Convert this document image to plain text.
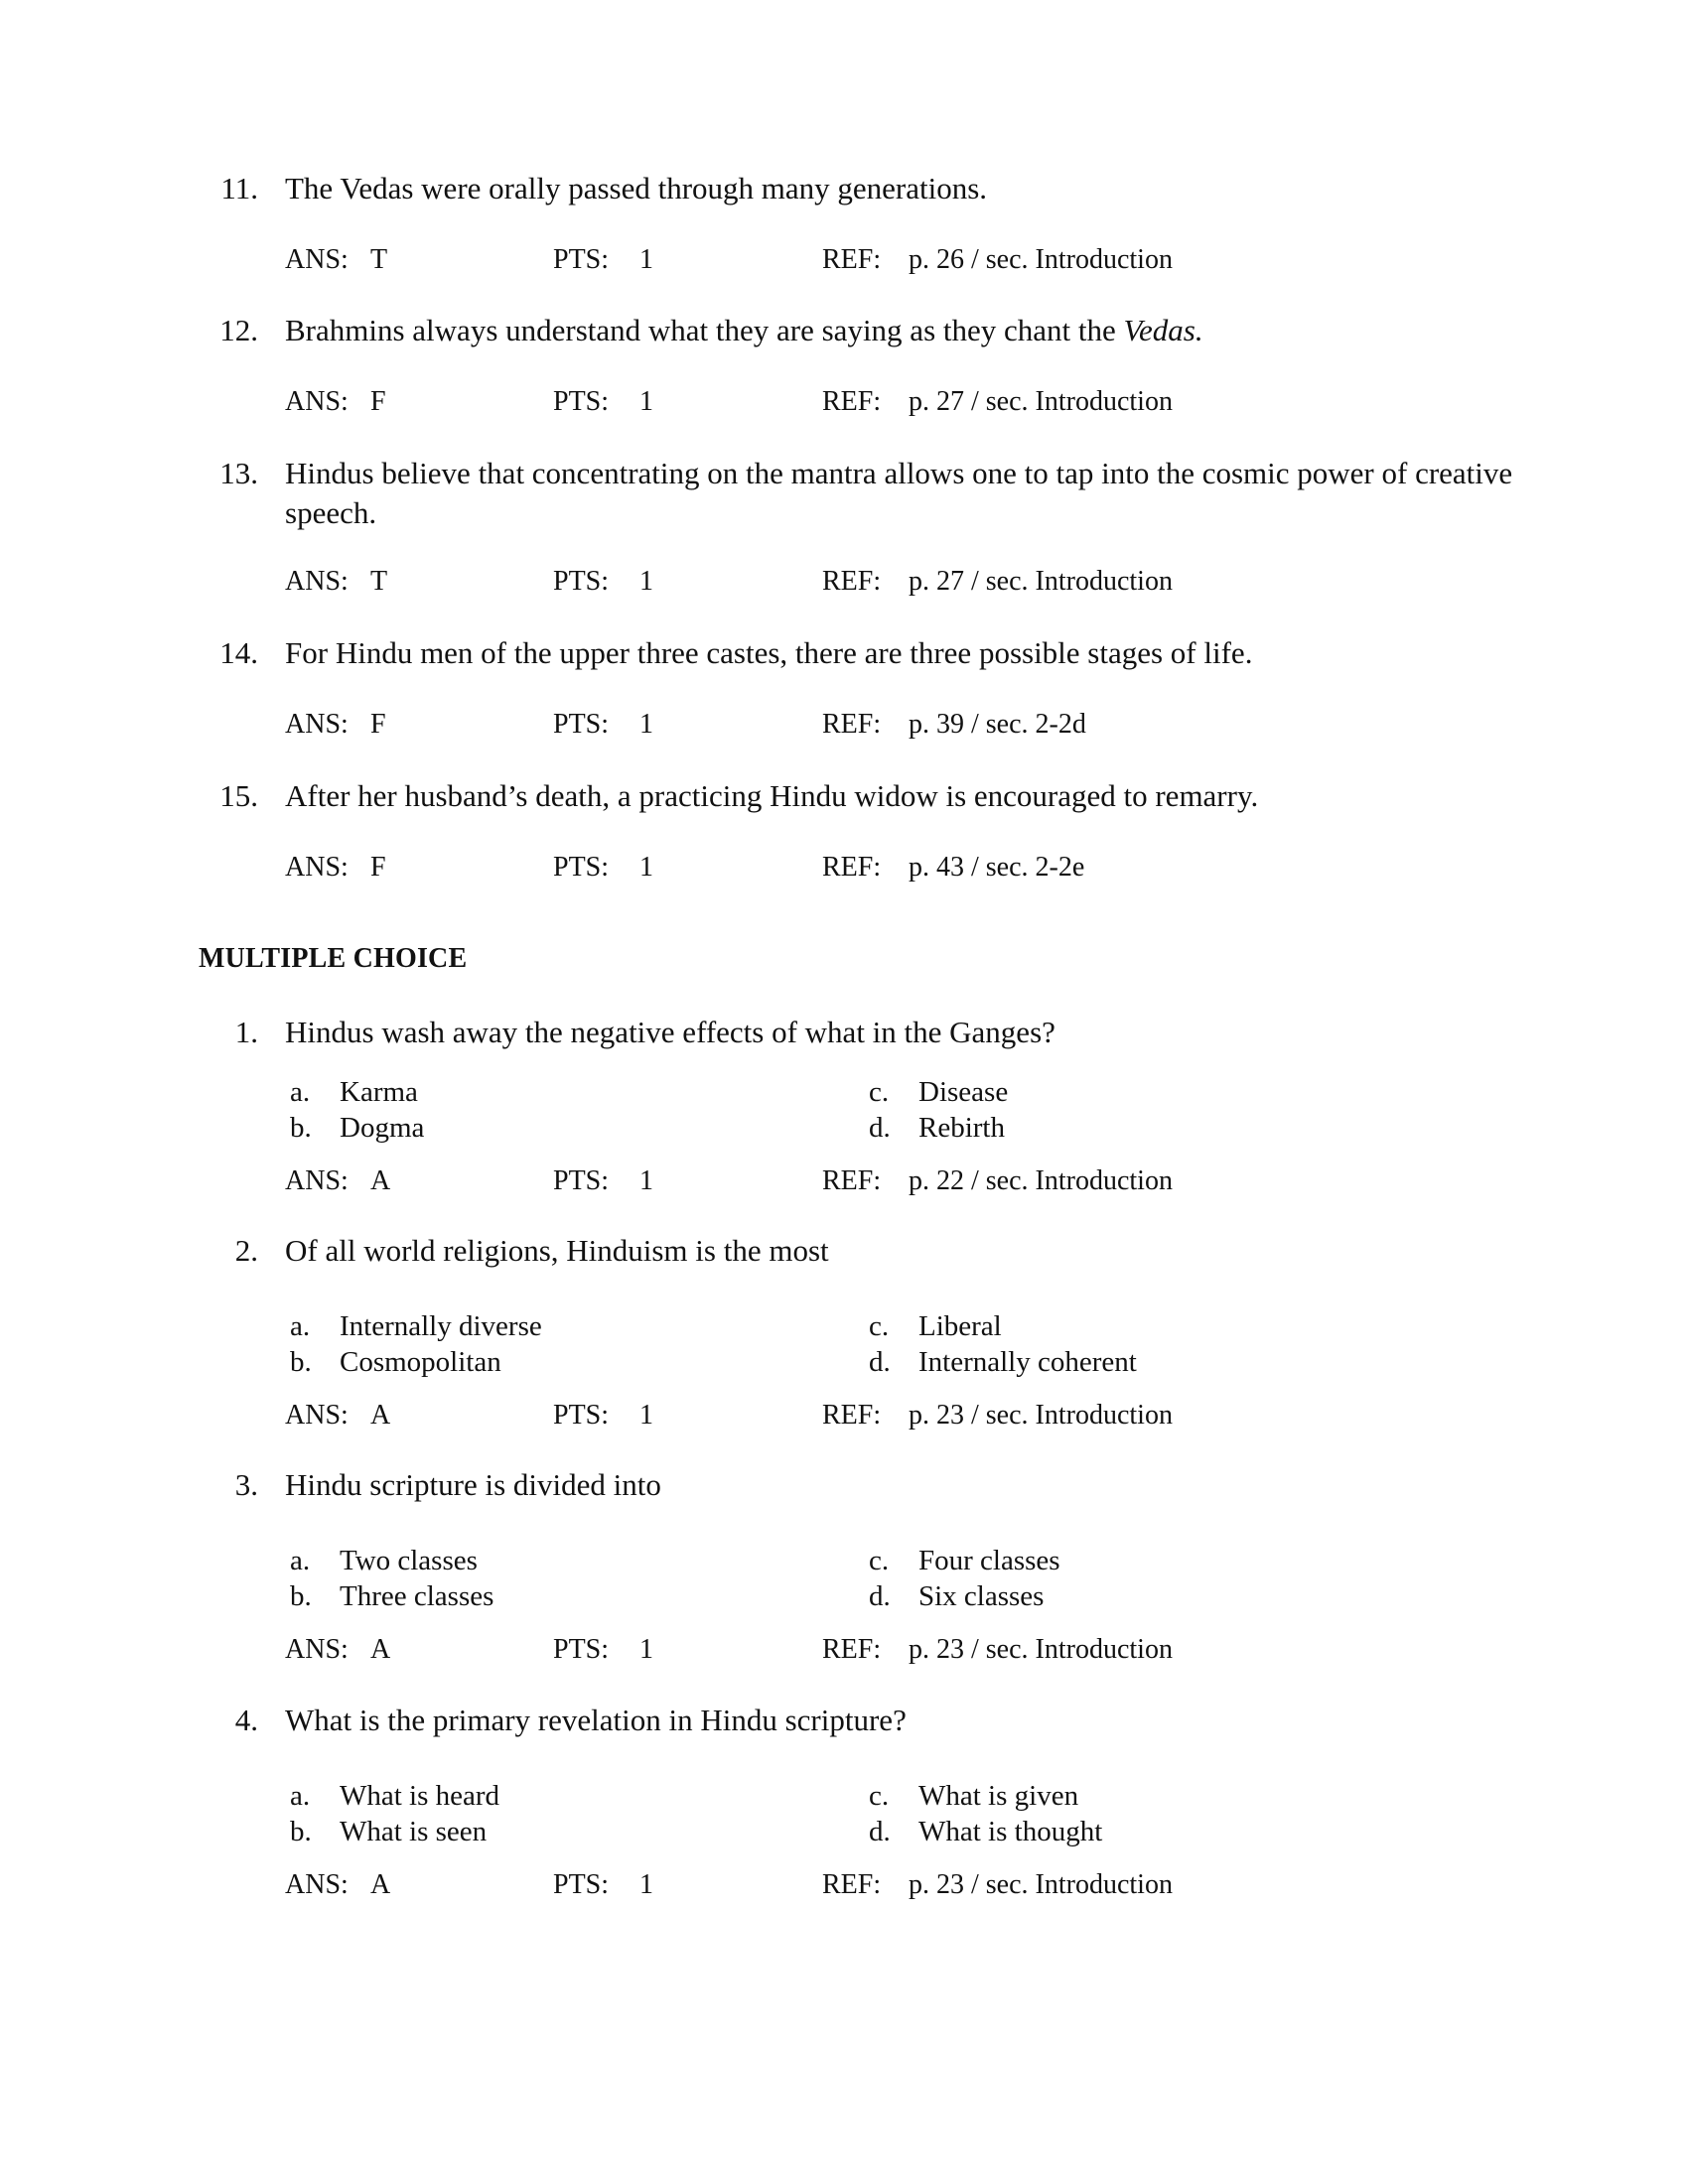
11. The Vedas were orally passed through many generations.
ANS: T	PTS: 1	REF: p. 26 / sec. Introduction
12. Brahmins always understand what they are saying as they chant the Vedas.
ANS: F	PTS: 1	REF: p. 27 / sec. Introduction
13. Hindus believe that concentrating on the mantra allows one to tap into the cosmic power of creative speech.
ANS: T	PTS: 1	REF: p. 27 / sec. Introduction
14. For Hindu men of the upper three castes, there are three possible stages of life.
ANS: F	PTS: 1	REF: p. 39 / sec. 2-2d
15. After her husband’s death, a practicing Hindu widow is encouraged to remarry.
ANS: F	PTS: 1	REF: p. 43 / sec. 2-2e
MULTIPLE CHOICE
1. Hindus wash away the negative effects of what in the Ganges?
a. Karma
b. Dogma
c. Disease
d. Rebirth
ANS: A	PTS: 1	REF: p. 22 / sec. Introduction
2. Of all world religions, Hinduism is the most
a. Internally diverse
b. Cosmopolitan
c. Liberal
d. Internally coherent
ANS: A	PTS: 1	REF: p. 23 / sec. Introduction
3. Hindu scripture is divided into
a. Two classes
b. Three classes
c. Four classes
d. Six classes
ANS: A	PTS: 1	REF: p. 23 / sec. Introduction
4. What is the primary revelation in Hindu scripture?
a. What is heard
b. What is seen
c. What is given
d. What is thought
ANS: A	PTS: 1	REF: p. 23 / sec. Introduction
